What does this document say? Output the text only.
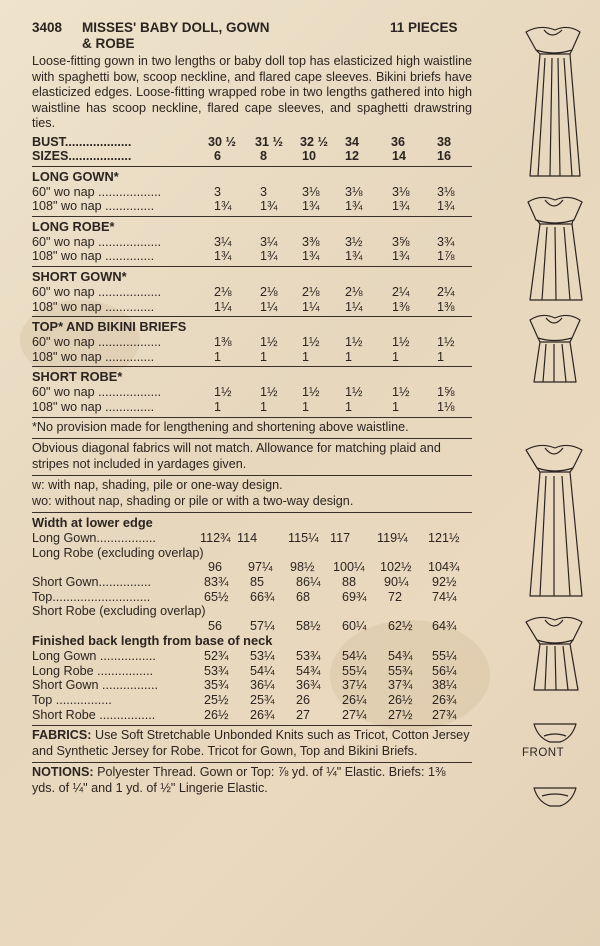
3408 MISSES' BABY DOLL, GOWN
& ROBE
11 PIECES
Loose-fitting gown in two lengths or baby doll top has elasticized high waistline with spaghetti bow, scoop neckline, and flared cape sleeves. Bikini briefs have elasticized edges. Loose-fitting wrapped robe in two lengths gathered into high waistline has scoop neckline, flared cape sleeves, and spaghetti drawstring ties.
BUST...................	30 ½ 31 ½ 32 ½ 34	36	38
SIZES..................	6	8	10 12	14 16
LONG GOWN*
60" wo nap ..................	3	3	3⅛ 3⅛ 3⅛ 3⅛
108" wo nap ..............	1¾ 1¾ 1¾ 1¾ 1¾ 1¾
LONG ROBE*
60" wo nap ..................	3¼ 3¼ 3⅜ 3½ 3⅝ 3¾
108" wo nap ..............	1¾ 1¾ 1¾ 1¾ 1¾ 1⅞
SHORT GOWN*
60" wo nap ..................	2⅛ 2⅛ 2⅛ 2⅛ 2¼ 2¼
108" wo nap ..............	1¼ 1¼ 1¼ 1¼ 1⅜ 1⅜
TOP* AND BIKINI BRIEFS
60" wo nap ..................	1⅜ 1½ 1½ 1½ 1½ 1½
108" wo nap ..............	1	1	1	1	1	1
SHORT ROBE*
60" wo nap ..................	1½ 1½ 1½ 1½ 1½ 1⅝
108" wo nap ..............	1	1	1	1	1	1⅛
*No provision made for lengthening and shortening above waistline.
Obvious diagonal fabrics will not match. Allowance for matching plaid and stripes not included in yardages given.
w: with nap, shading, pile or one-way design.
wo: without nap, shading or pile or with a two-way design.
Width at lower edge
Long Gown.................	112¾ 114 115¼ 117 119¼ 121½
Long Robe (excluding overlap)
96 97¼ 98½ 100¼ 102½ 104¾
Short Gown...............	83¾ 85	86¼ 88 90¼ 92½
Top............................	65½ 66¾ 68	69¾ 72 74¼
Short Robe (excluding overlap)
56 57¼ 58½ 60¼ 62½ 64¾
Finished back length from base of neck
Long Gown ................	52¾ 53¼ 53¾ 54¼ 54¾ 55¼
Long Robe ................	53¾ 54¼ 54¾ 55¼ 55¾ 56¼
Short Gown ................	35¾ 36¼ 36¾ 37¼ 37¾ 38¼
Top ................	25½ 25¾ 26	26¼ 26½ 26¾
Short Robe ................	26½ 26¾ 27	27¼ 27½ 27¾
FABRICS: Use Soft Stretchable Unbonded Knits such as Tricot, Cotton Jersey and Synthetic Jersey for Robe. Tricot for Gown, Top and Bikini Briefs.
NOTIONS: Polyester Thread. Gown or Top: ⅞ yd. of ¼" Elastic. Briefs: 1⅜ yds. of ¼" and 1 yd. of ½" Lingerie Elastic.
FRONT
